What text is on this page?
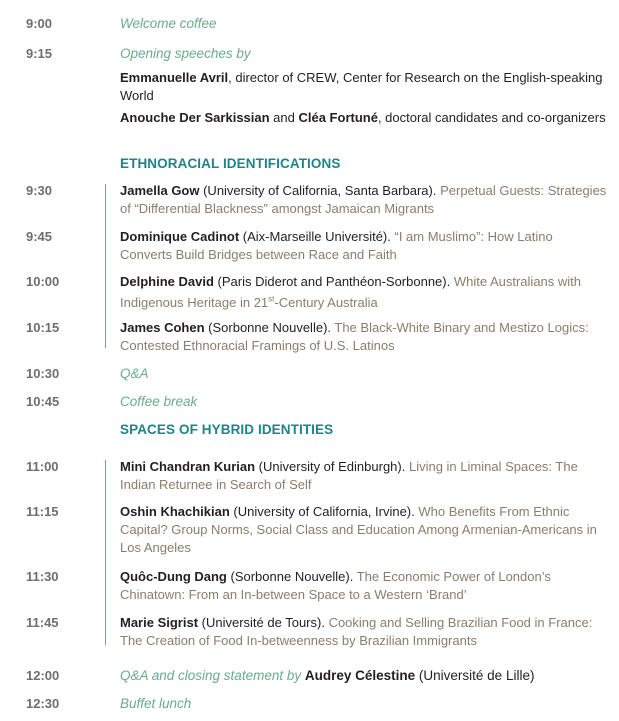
9:00	Welcome coffee
9:15	Opening speeches by
Emmanuelle Avril, director of CREW, Center for Research on the English-speaking World
Anouche Der Sarkissian and Cléa Fortuné, doctoral candidates and co-organizers
ETHNORACIAL IDENTIFICATIONS
9:30	Jamella Gow (University of California, Santa Barbara). Perpetual Guests: Strategies of “Differential Blackness” amongst Jamaican Migrants
9:45	Dominique Cadinot (Aix-Marseille Université). “I am Muslimo”: How Latino Converts Build Bridges between Race and Faith
10:00	Delphine David (Paris Diderot and Panthéon-Sorbonne). White Australians with Indigenous Heritage in 21st-Century Australia
10:15	James Cohen (Sorbonne Nouvelle). The Black-White Binary and Mestizo Logics: Contested Ethnoracial Framings of U.S. Latinos
10:30	Q&A
10:45	Coffee break
SPACES OF HYBRID IDENTITIES
11:00	Mini Chandran Kurian (University of Edinburgh). Living in Liminal Spaces: The Indian Returnee in Search of Self
11:15	Oshin Khachikian (University of California, Irvine). Who Benefits From Ethnic Capital? Group Norms, Social Class and Education Among Armenian-Americans in Los Angeles
11:30	Quôc-Dung Dang (Sorbonne Nouvelle). The Economic Power of London’s Chinatown: From an In-between Space to a Western ‘Brand’
11:45	Marie Sigrist (Université de Tours). Cooking and Selling Brazilian Food in France: The Creation of Food In-betweenness by Brazilian Immigrants
12:00	Q&A and closing statement by Audrey Célestine (Université de Lille)
12:30	Buffet lunch
